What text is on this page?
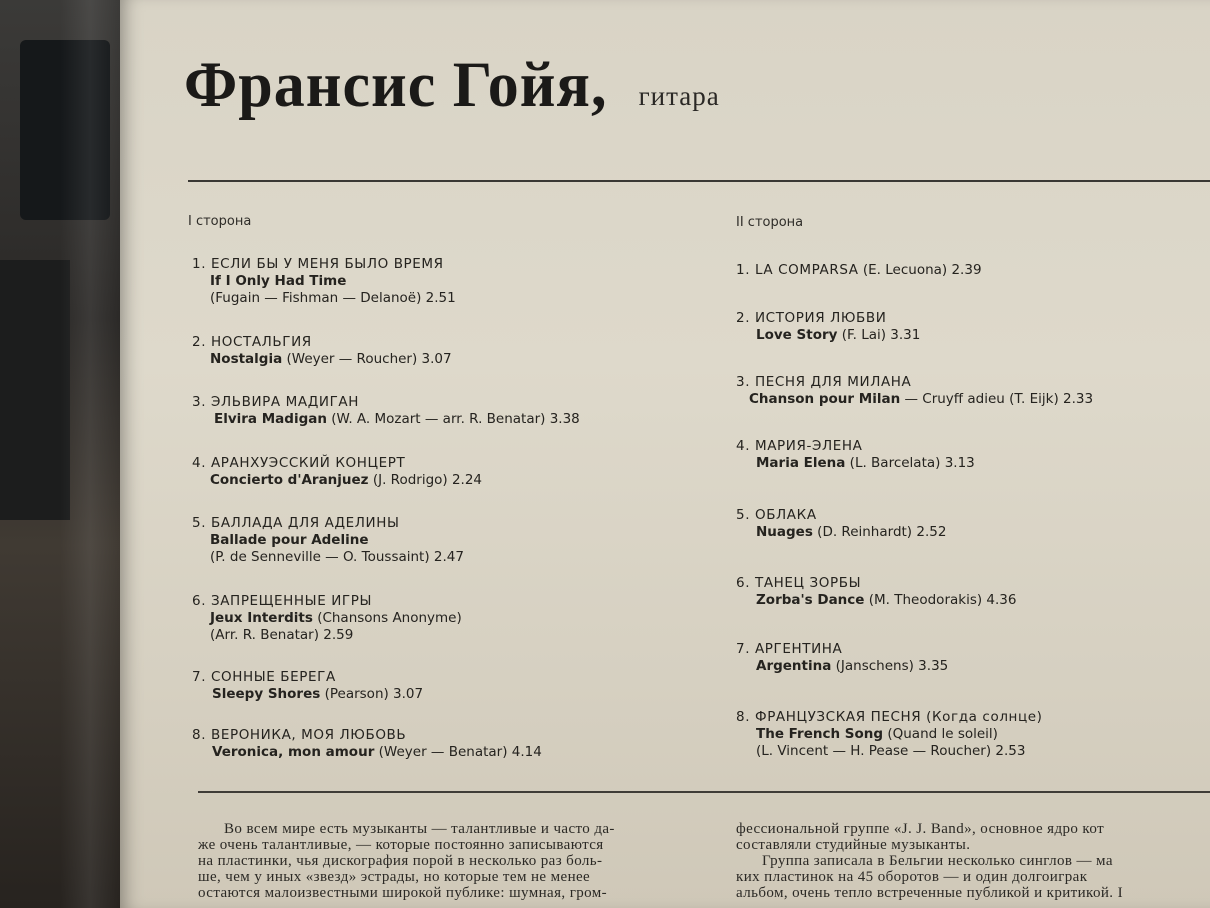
Франсис Гойя, гитара
I сторона
1. ЕСЛИ БЫ У МЕНЯ БЫЛО ВРЕМЯ
If I Only Had Time
(Fugain — Fishman — Delanoë) 2.51
2. НОСТАЛЬГИЯ
Nostalgia (Weyer — Roucher) 3.07
3. ЭЛЬВИРА МАДИГАН
Elvira Madigan (W. A. Mozart — arr. R. Benatar) 3.38
4. АРАНХУЭССКИЙ КОНЦЕРТ
Concierto d'Aranjuez (J. Rodrigo) 2.24
5. БАЛЛАДА ДЛЯ АДЕЛИНЫ
Ballade pour Adeline
(P. de Senneville — O. Toussaint) 2.47
6. ЗАПРЕЩЕННЫЕ ИГРЫ
Jeux Interdits (Chansons Anonyme)
(Arr. R. Benatar) 2.59
7. СОННЫЕ БЕРЕГА
Sleepy Shores (Pearson) 3.07
8. ВЕРОНИКА, МОЯ ЛЮБОВЬ
Veronica, mon amour (Weyer — Benatar) 4.14
II сторона
1. LA COMPARSA (E. Lecuona) 2.39
2. ИСТОРИЯ ЛЮБВИ
Love Story (F. Lai) 3.31
3. ПЕСНЯ ДЛЯ МИЛАНА
Chanson pour Milan — Cruyff adieu (T. Eijk) 2.33
4. МАРИЯ-ЭЛЕНА
Maria Elena (L. Barcelata) 3.13
5. ОБЛАКА
Nuages (D. Reinhardt) 2.52
6. ТАНЕЦ ЗОРБЫ
Zorba's Dance (M. Theodorakis) 4.36
7. АРГЕНТИНА
Argentina (Janschens) 3.35
8. ФРАНЦУЗСКАЯ ПЕСНЯ (Когда солнце)
The French Song (Quand le soleil)
(L. Vincent — H. Pease — Roucher) 2.53

Во всем мире есть музыканты — талантливые и часто да-

же очень талантливые, — которые постоянно записываются

на пластинки, чья дискография порой в несколько раз боль-

ше, чем у иных «звезд» эстрады, но которые тем не менее

остаются малоизвестными широкой публике: шумная, гром-

фессиональной группе «J. J. Band», основное ядро кот

составляли студийные музыканты.

Группа записала в Бельгии несколько синглов — ма

ких пластинок на 45 оборотов — и один долгоиграк

альбом, очень тепло встреченные публикой и критикой. I
